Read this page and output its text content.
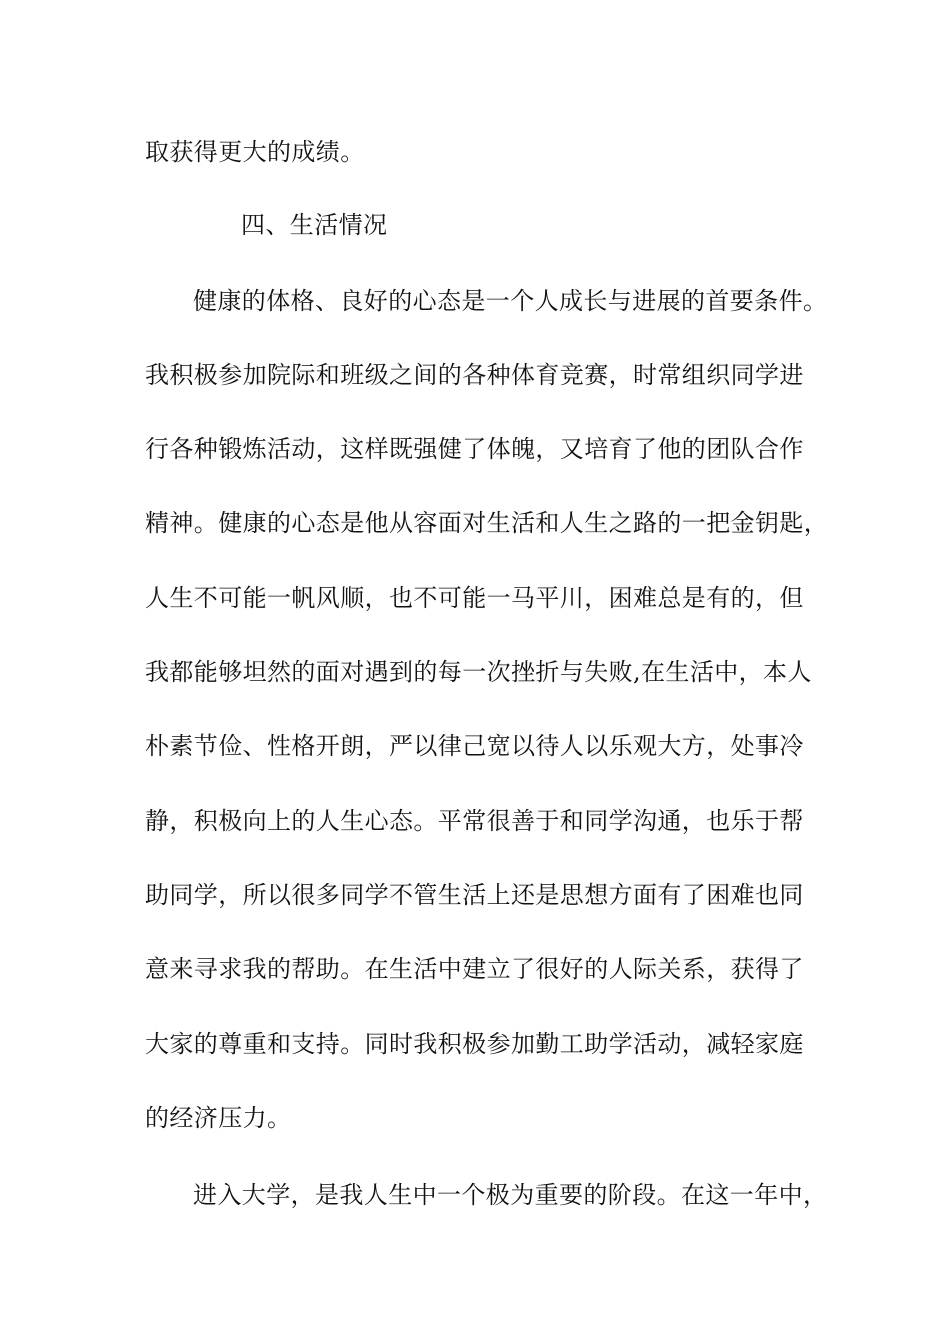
取获得更大的成绩。
四、生活情况
健康的体格、良好的心态是一个人成长与进展的首要条件。
我积极参加院际和班级之间的各种体育竞赛，时常组织同学进
行各种锻炼活动，这样既强健了体魄，又培育了他的团队合作
精神。健康的心态是他从容面对生活和人生之路的一把金钥匙，
人生不可能一帆风顺，也不可能一马平川，困难总是有的，但
我都能够坦然的面对遇到的每一次挫折与失败,在生活中，本人
朴素节俭、性格开朗，严以律己宽以待人以乐观大方，处事冷
静，积极向上的人生心态。平常很善于和同学沟通，也乐于帮
助同学，所以很多同学不管生活上还是思想方面有了困难也同
意来寻求我的帮助。在生活中建立了很好的人际关系，获得了
大家的尊重和支持。同时我积极参加勤工助学活动，减轻家庭
的经济压力。
进入大学，是我人生中一个极为重要的阶段。在这一年中，
